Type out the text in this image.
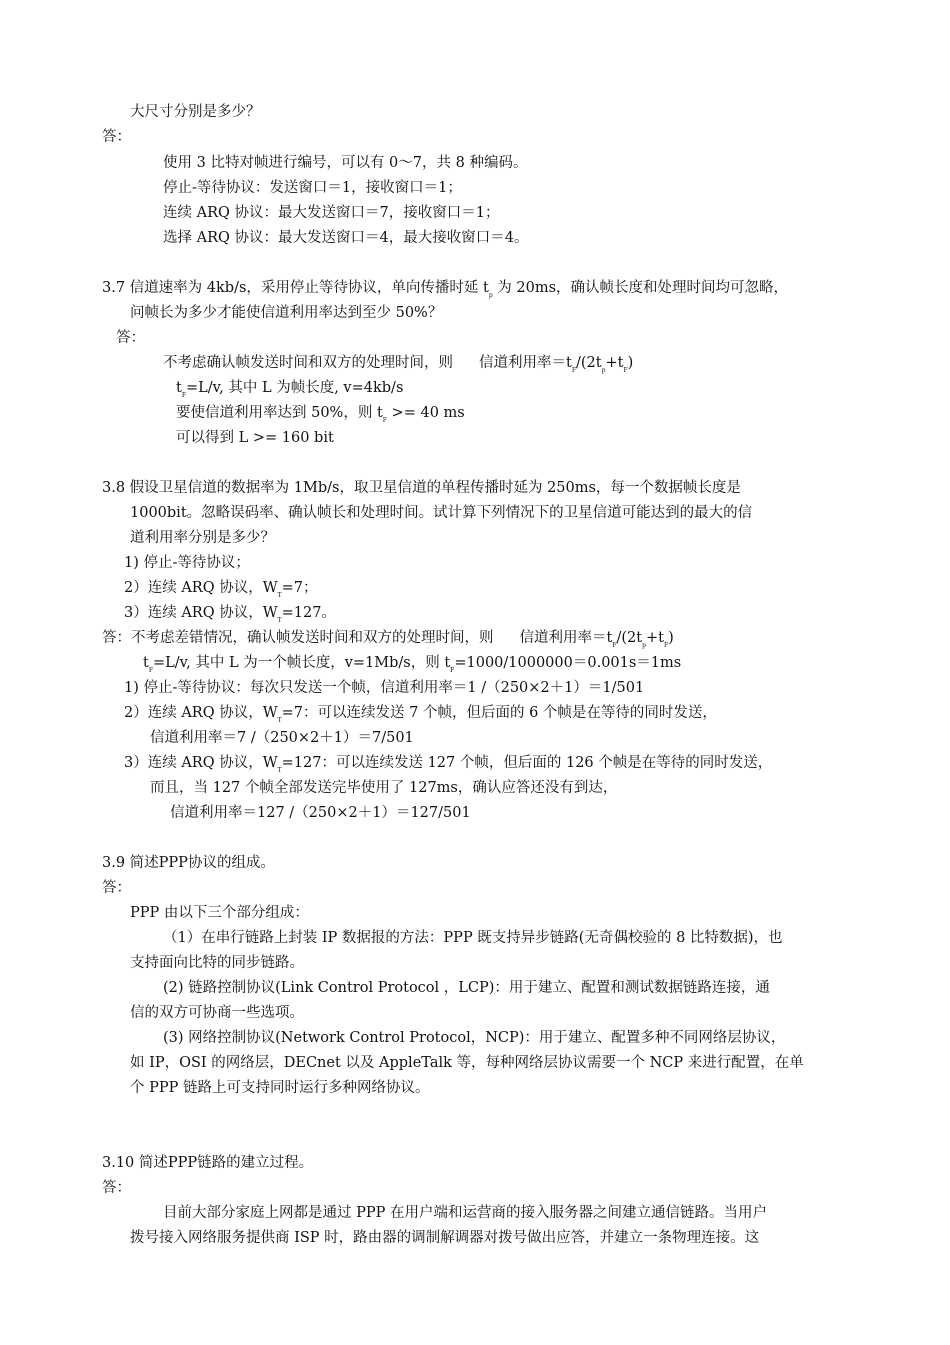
大尺寸分别是多少？
答：
使用 3 比特对帧进行编号，可以有 0～7，共 8 种编码。
停止-等待协议：发送窗口＝1，接收窗口＝1；
连续 ARQ 协议：最大发送窗口＝7，接收窗口＝1；
选择 ARQ 协议：最大发送窗口＝4，最大接收窗口＝4。
3.7 信道速率为 4kb/s，采用停止等待协议，单向传播时延 $t_p$ 为 20ms，确认帧长度和处理时间均可忽略，
问帧长为多少才能使信道利用率达到至少 50%？
答：
不考虑确认帧发送时间和双方的处理时间，则 信道利用率$=t_F/(2t_p+t_F)$
$t_F=L/v$, 其中 L 为帧长度, v=4kb/s
要使信道利用率达到 50%，则 $t_F >= 40$ ms
可以得到 L >= 160 bit
3.8 假设卫星信道的数据率为 1Mb/s，取卫星信道的单程传播时延为 250ms，每一个数据帧长度是
1000bit。忽略误码率、确认帧长和处理时间。试计算下列情况下的卫星信道可能达到的最大的信
道利用率分别是多少？
1) 停止-等待协议；
2）连续 ARQ 协议，$W_T=7$；
3）连续 ARQ 协议，$W_T=127$。
答：不考虑差错情况，确认帧发送时间和双方的处理时间，则 信道利用率$=t_F/(2t_p+t_F)$
$t_F=L/v$, 其中 L 为一个帧长度，v=1Mb/s，则 $t_F=1000/1000000=0.001s=1ms$
1) 停止-等待协议：每次只发送一个帧，信道利用率＝1 /（250×2＋1）＝1/501
2）连续 ARQ 协议，$W_T=7$：可以连续发送 7 个帧，但后面的 6 个帧是在等待的同时发送，
信道利用率＝7 /（250×2＋1）＝7/501
3）连续 ARQ 协议，$W_T=127$：可以连续发送 127 个帧，但后面的 126 个帧是在等待的同时发送，
而且，当 127 个帧全部发送完毕使用了 127ms，确认应答还没有到达，
信道利用率＝127 /（250×2＋1）＝127/501
3.9 简述PPP协议的组成。
答：
PPP 由以下三个部分组成：
（1）在串行链路上封装 IP 数据报的方法：PPP 既支持异步链路(无奇偶校验的 8 比特数据)，也
支持面向比特的同步链路。
(2) 链路控制协议(Link Control Protocol ，LCP)：用于建立、配置和测试数据链路连接，通
信的双方可协商一些选项。
(3) 网络控制协议(Network Control Protocol，NCP)：用于建立、配置多种不同网络层协议，
如 IP，OSI 的网络层，DECnet 以及 AppleTalk 等，每种网络层协议需要一个 NCP 来进行配置，在单
个 PPP 链路上可支持同时运行多种网络协议。
3.10 简述PPP链路的建立过程。
答：
目前大部分家庭上网都是通过 PPP 在用户端和运营商的接入服务器之间建立通信链路。当用户
拨号接入网络服务提供商 ISP 时，路由器的调制解调器对拨号做出应答，并建立一条物理连接。这
